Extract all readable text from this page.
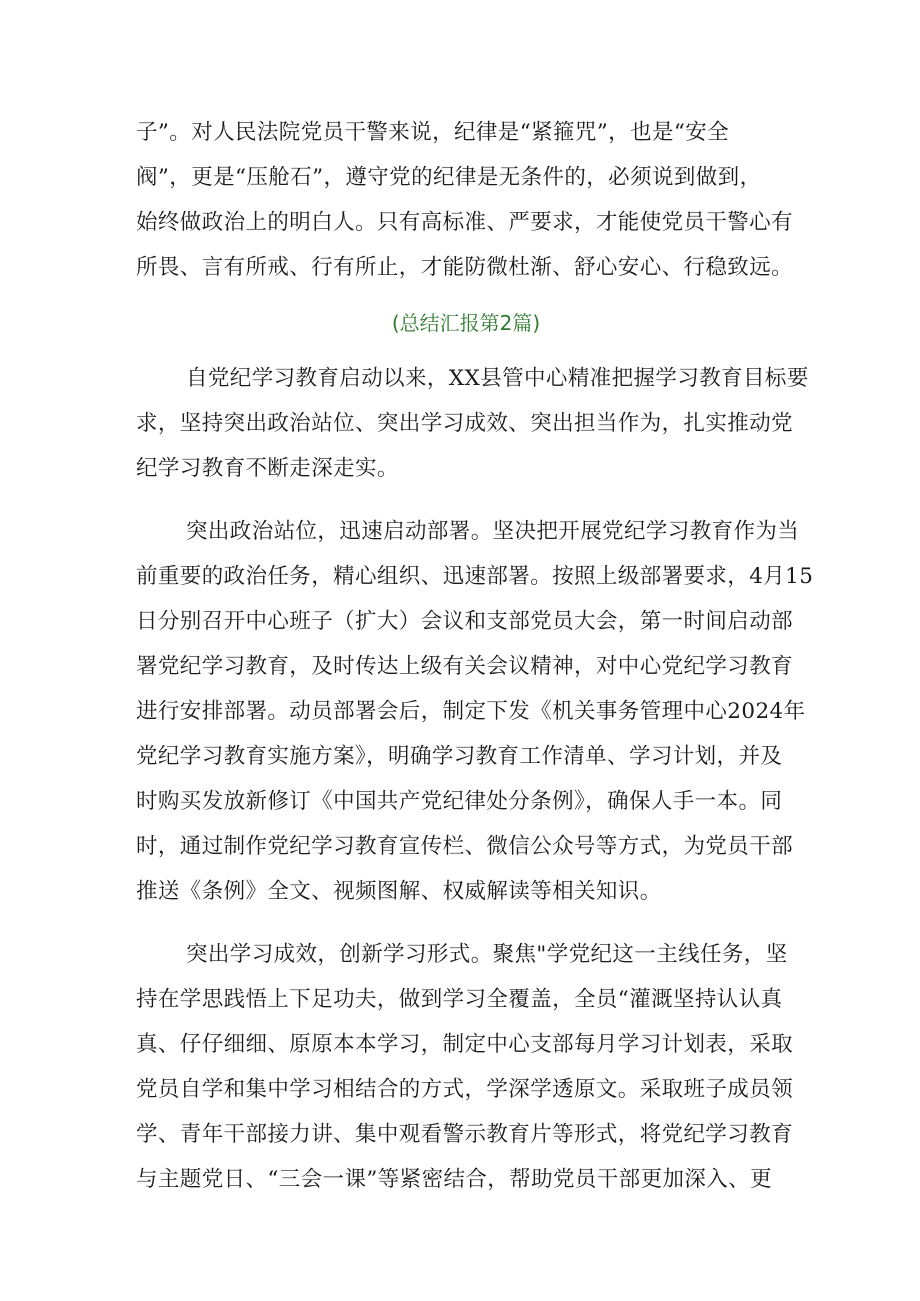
子”。对人民法院党员干警来说，纪律是“紧箍咒”，也是“安全
阀”，更是“压舱石”，遵守党的纪律是无条件的，必须说到做到，
始终做政治上的明白人。只有高标准、严要求，才能使党员干警心有
所畏、言有所戒、行有所止，才能防微杜渐、舒心安心、行稳致远。
(总结汇报第2篇)
自党纪学习教育启动以来，XX县管中心精准把握学习教育目标要
求，坚持突出政治站位、突出学习成效、突出担当作为，扎实推动党
纪学习教育不断走深走实。
突出政治站位，迅速启动部署。坚决把开展党纪学习教育作为当
前重要的政治任务，精心组织、迅速部署。按照上级部署要求，4月15
日分别召开中心班子（扩大）会议和支部党员大会，第一时间启动部
署党纪学习教育，及时传达上级有关会议精神，对中心党纪学习教育
进行安排部署。动员部署会后，制定下发《机关事务管理中心2024年
党纪学习教育实施方案》，明确学习教育工作清单、学习计划，并及
时购买发放新修订《中国共产党纪律处分条例》，确保人手一本。同
时，通过制作党纪学习教育宣传栏、微信公众号等方式，为党员干部
推送《条例》全文、视频图解、权威解读等相关知识。
突出学习成效，创新学习形式。聚焦"学党纪这一主线任务，坚
持在学思践悟上下足功夫，做到学习全覆盖，全员“灌溉坚持认认真
真、仔仔细细、原原本本学习，制定中心支部每月学习计划表，采取
党员自学和集中学习相结合的方式，学深学透原文。采取班子成员领
学、青年干部接力讲、集中观看警示教育片等形式，将党纪学习教育
与主题党日、“三会一课”等紧密结合，帮助党员干部更加深入、更
